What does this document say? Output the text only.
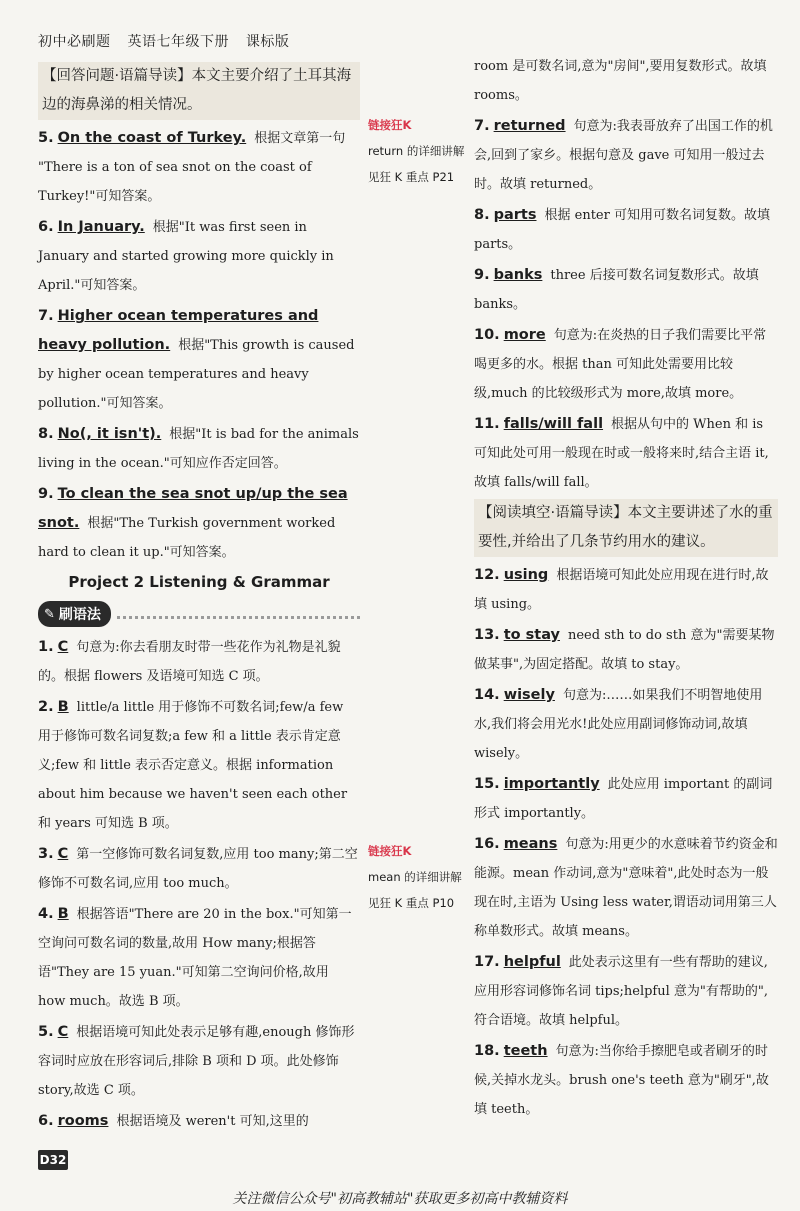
初中必刷题 英语七年级下册 课标版
【回答问题·语篇导读】本文主要介绍了土耳其海边的海鼻涕的相关情况。
5. On the coast of Turkey. 根据文章第一句 "There is a ton of sea snot on the coast of Turkey!"可知答案。
6. In January. 根据"It was first seen in January and started growing more quickly in April."可知答案。
7. Higher ocean temperatures and heavy pollution. 根据"This growth is caused by higher ocean temperatures and heavy pollution."可知答案。
8. No(, it isn't). 根据"It is bad for the animals living in the ocean."可知应作否定回答。
9. To clean the sea snot up/up the sea snot. 根据"The Turkish government worked hard to clean it up."可知答案。
Project 2 Listening & Grammar
✎ 刷语法
1. C 句意为:你去看朋友时带一些花作为礼物是礼貌的。根据 flowers 及语境可知选 C 项。
2. B little/a little 用于修饰不可数名词;few/a few 用于修饰可数名词复数;a few 和 a little 表示肯定意义;few 和 little 表示否定意义。根据 information about him because we haven't seen each other 和 years 可知选 B 项。
3. C 第一空修饰可数名词复数,应用 too many;第二空修饰不可数名词,应用 too much。
4. B 根据答语"There are 20 in the box."可知第一空询问可数名词的数量,故用 How many;根据答语"They are 15 yuan."可知第二空询问价格,故用 how much。故选 B 项。
5. C 根据语境可知此处表示足够有趣,enough 修饰形容词时应放在形容词后,排除 B 项和 D 项。此处修饰 story,故选 C 项。
6. rooms 根据语境及 weren't 可知,这里的
链接狂K
return 的详细讲解见狂 K 重点 P21
链接狂K
mean 的详细讲解见狂 K 重点 P10
room 是可数名词,意为"房间",要用复数形式。故填 rooms。
7. returned 句意为:我表哥放弃了出国工作的机会,回到了家乡。根据句意及 gave 可知用一般过去时。故填 returned。
8. parts 根据 enter 可知用可数名词复数。故填 parts。
9. banks three 后接可数名词复数形式。故填 banks。
10. more 句意为:在炎热的日子我们需要比平常喝更多的水。根据 than 可知此处需要用比较级,much 的比较级形式为 more,故填 more。
11. falls/will fall 根据从句中的 When 和 is 可知此处可用一般现在时或一般将来时,结合主语 it,故填 falls/will fall。
【阅读填空·语篇导读】本文主要讲述了水的重要性,并给出了几条节约用水的建议。
12. using 根据语境可知此处应用现在进行时,故填 using。
13. to stay need sth to do sth 意为"需要某物做某事",为固定搭配。故填 to stay。
14. wisely 句意为:……如果我们不明智地使用水,我们将会用光水!此处应用副词修饰动词,故填 wisely。
15. importantly 此处应用 important 的副词形式 importantly。
16. means 句意为:用更少的水意味着节约资金和能源。mean 作动词,意为"意味着",此处时态为一般现在时,主语为 Using less water,谓语动词用第三人称单数形式。故填 means。
17. helpful 此处表示这里有一些有帮助的建议,应用形容词修饰名词 tips;helpful 意为"有帮助的",符合语境。故填 helpful。
18. teeth 句意为:当你给手擦肥皂或者刷牙的时候,关掉水龙头。brush one's teeth 意为"刷牙",故填 teeth。
D32
关注微信公众号"初高教辅站"获取更多初高中教辅资料
